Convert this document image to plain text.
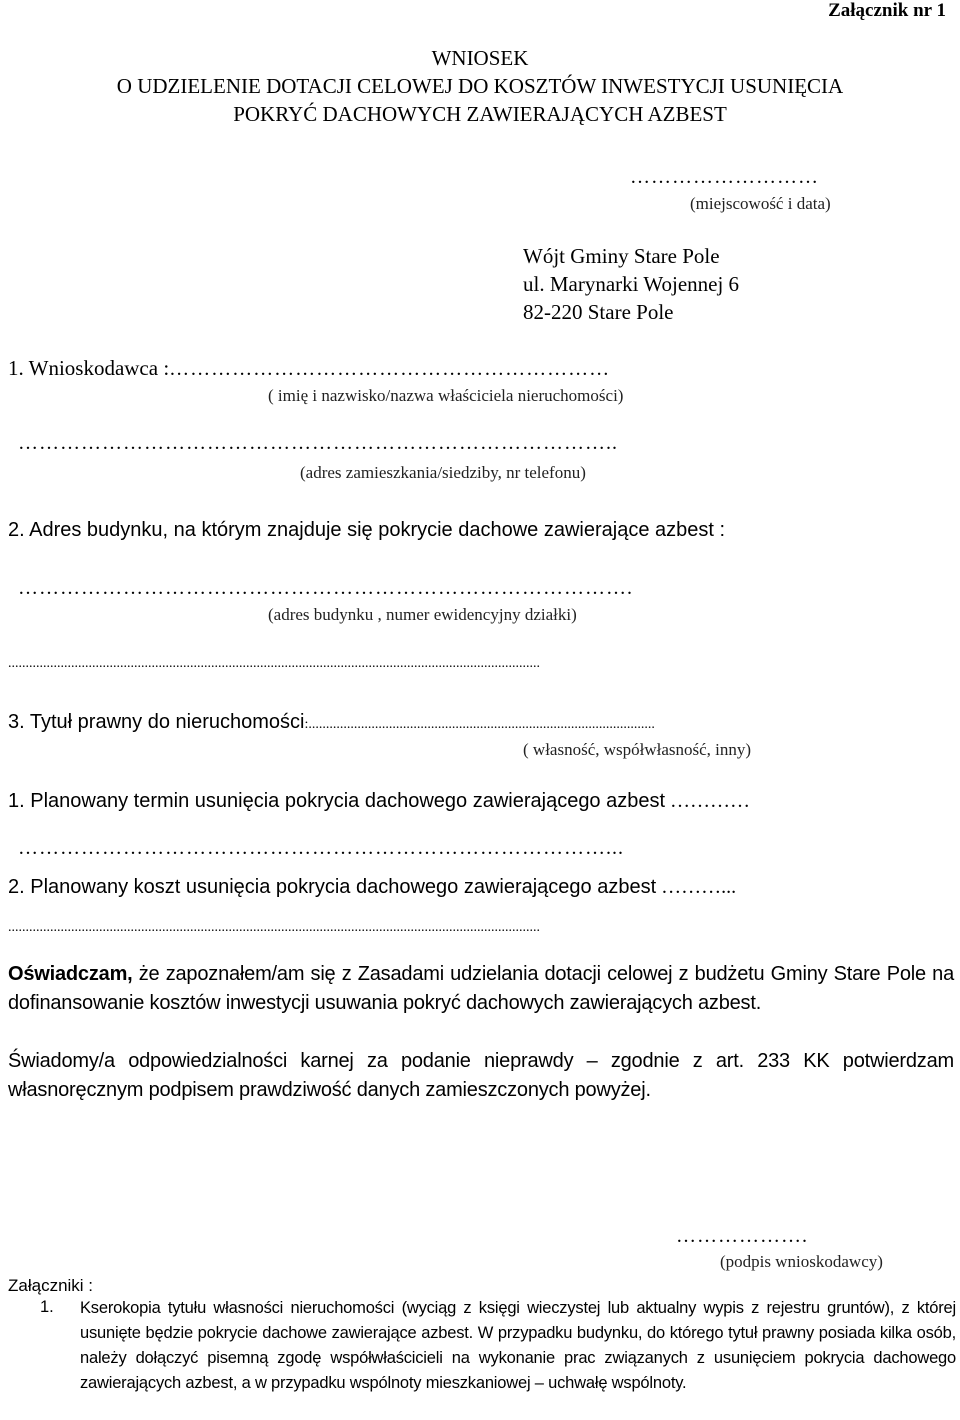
Załącznik nr 1
WNIOSEK
O UDZIELENIE DOTACJI CELOWEJ DO KOSZTÓW INWESTYCJI USUNIĘCIA
POKRYĆ DACHOWYCH ZAWIERAJĄCYCH AZBEST
………………………
(miejscowość i data)
Wójt Gminy Stare Pole
ul. Marynarki Wojennej 6
82-220 Stare Pole
1. Wnioskodawca :………………………………………………………
( imię i nazwisko/nazwa właściciela nieruchomości)
…………………………………………………………………………..
(adres zamieszkania/siedziby, nr telefonu)
2. Adres budynku, na którym znajduje się pokrycie dachowe zawierające azbest :
…………………………………………………………………………….
(adres budynku , numer ewidencyjny działki)
........................................................................................................................................................
3. Tytuł prawny do nieruchomości:...................................................................................................
( własność, współwłasność, inny)
1. Planowany termin usunięcia pokrycia dachowego zawierającego azbest …………
…………………………………………………………………………...
2. Planowany koszt usunięcia pokrycia dachowego zawierającego azbest ………...
........................................................................................................................................................
Oświadczam, że zapoznałem/am się z Zasadami udzielania dotacji celowej z budżetu Gminy Stare Pole na dofinansowanie kosztów inwestycji usuwania pokryć dachowych zawierających azbest.
Świadomy/a odpowiedzialności karnej za podanie nieprawdy – zgodnie z art. 233 KK potwierdzam własnoręcznym podpisem prawdziwość danych zamieszczonych powyżej.
……………….
(podpis wnioskodawcy)
Załączniki :
1. Kserokopia tytułu własności nieruchomości (wyciąg z księgi wieczystej lub aktualny wypis z rejestru gruntów), z której usunięte będzie pokrycie dachowe zawierające azbest. W przypadku budynku, do którego tytuł prawny posiada kilka osób, należy dołączyć pisemną zgodę współwłaścicieli na wykonanie prac związanych z usunięciem pokrycia dachowego zawierających azbest, a w przypadku wspólnoty mieszkaniowej – uchwałę wspólnoty.
